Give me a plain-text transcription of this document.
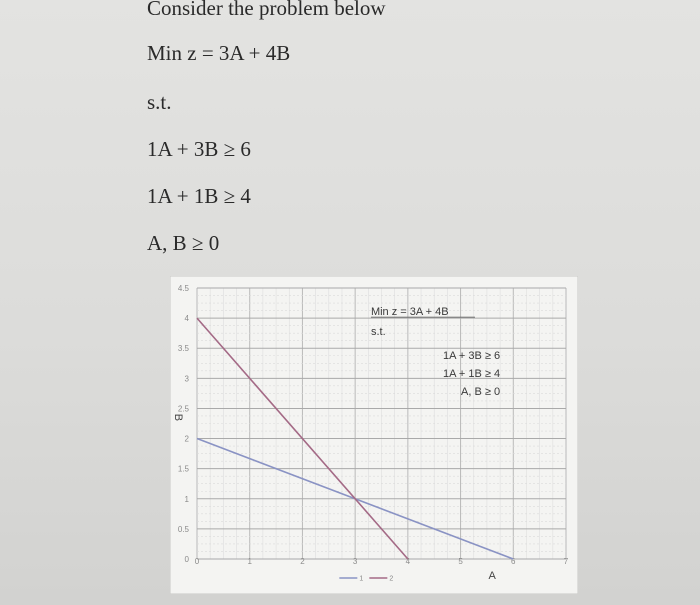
Consider the problem below

Min z = 3A + 4B

s.t.

1A + 3B ≥ 6

1A + 1B ≥ 4

A, B ≥ 0

0
0.5
1
1.5
2
2.5
3
3.5
4
4.5
0	1	2	3	4	5	6	7
Min z = 3A + 4B
s.t.
1A + 3B ≥ 6
1A + 1B ≥ 4
A, B ≥ 0
A
B
1	2
